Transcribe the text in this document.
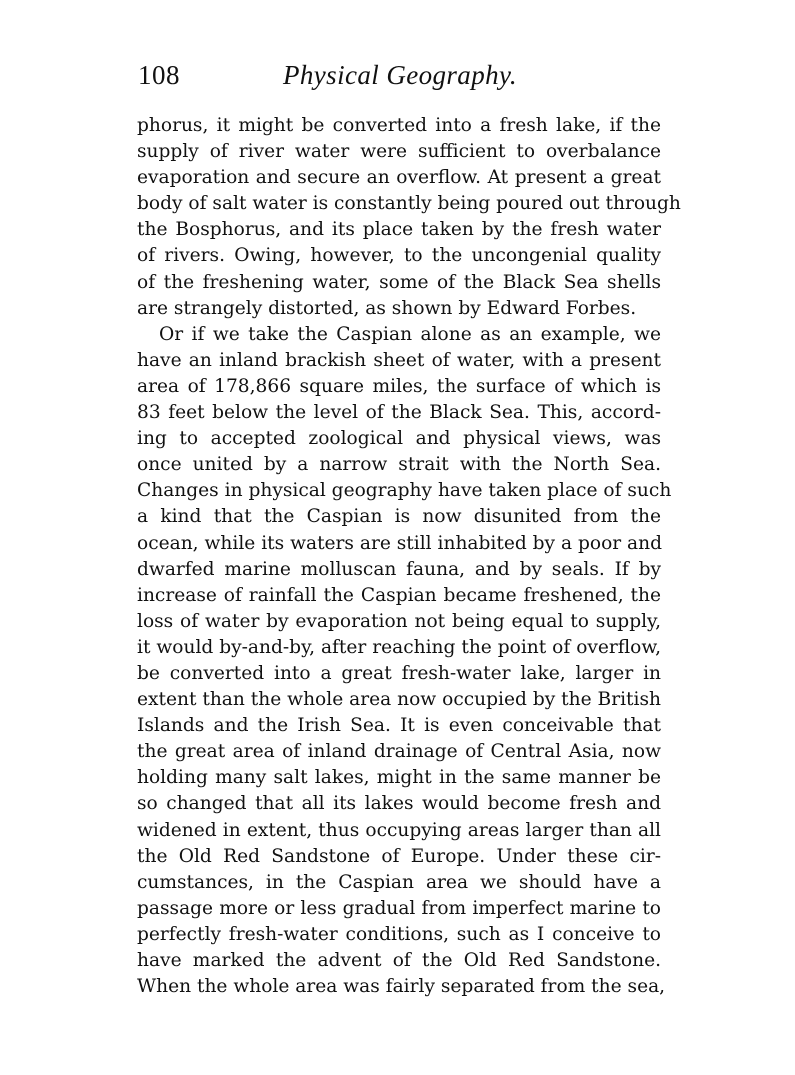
108	Physical Geography.
phorus, it might be converted into a fresh lake, if the
supply of river water were sufficient to overbalance
evaporation and secure an overflow. At present a great
body of salt water is constantly being poured out through
the Bosphorus, and its place taken by the fresh water
of rivers. Owing, however, to the uncongenial quality
of the freshening water, some of the Black Sea shells
are strangely distorted, as shown by Edward Forbes.
Or if we take the Caspian alone as an example, we
have an inland brackish sheet of water, with a present
area of 178,866 square miles, the surface of which is
83 feet below the level of the Black Sea. This, accord-
ing to accepted zoological and physical views, was
once united by a narrow strait with the North Sea.
Changes in physical geography have taken place of such
a kind that the Caspian is now disunited from the
ocean, while its waters are still inhabited by a poor and
dwarfed marine molluscan fauna, and by seals. If by
increase of rainfall the Caspian became freshened, the
loss of water by evaporation not being equal to supply,
it would by-and-by, after reaching the point of overflow,
be converted into a great fresh-water lake, larger in
extent than the whole area now occupied by the British
Islands and the Irish Sea. It is even conceivable that
the great area of inland drainage of Central Asia, now
holding many salt lakes, might in the same manner be
so changed that all its lakes would become fresh and
widened in extent, thus occupying areas larger than all
the Old Red Sandstone of Europe. Under these cir-
cumstances, in the Caspian area we should have a
passage more or less gradual from imperfect marine to
perfectly fresh-water conditions, such as I conceive to
have marked the advent of the Old Red Sandstone.
When the whole area was fairly separated from the sea,
